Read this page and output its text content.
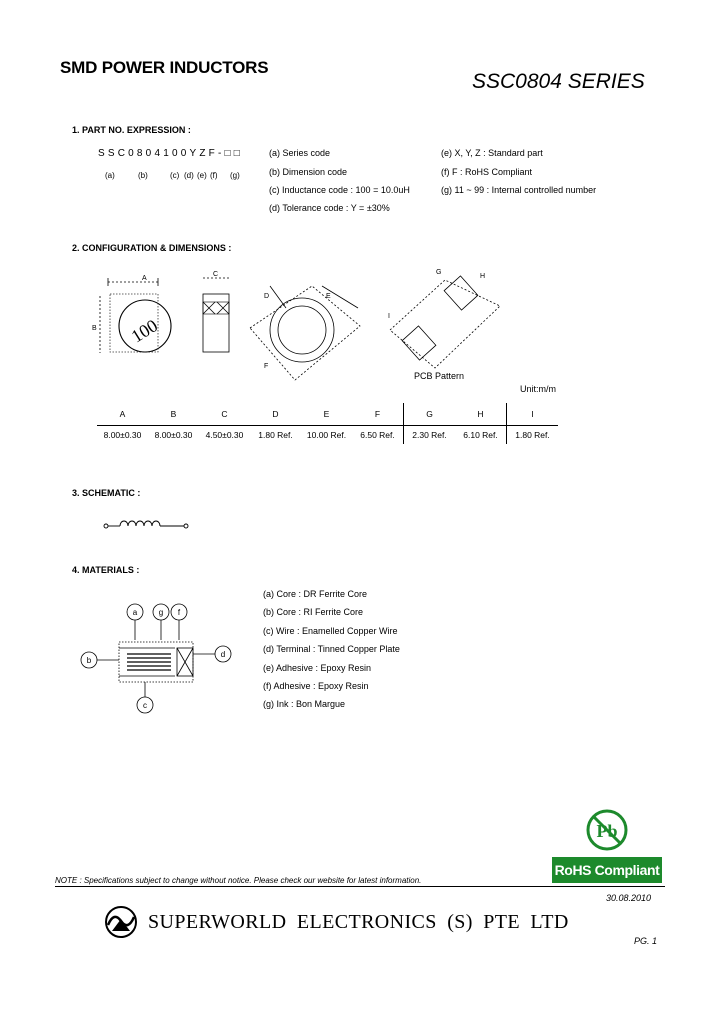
SMD POWER INDUCTORS
SSC0804 SERIES
1. PART NO. EXPRESSION :
SSC0804100YZF-□□
(a)	(b)	(c) (d) (e) (f) (g)
(a) Series code
(b) Dimension code
(c) Inductance code : 100 = 10.0uH
(d) Tolerance code : Y = ±30%
(e) X, Y, Z : Standard part
(f) F : RoHS Compliant
(g) 11 ~ 99 : Internal controlled number
2. CONFIGURATION & DIMENSIONS :
A
B
C
D	E
F
G
H
I
100
PCB Pattern
Unit:m/m
A	B	C	D	E	F	G	H	I
8.00±0.30	8.00±0.30	4.50±0.30	1.80 Ref.	10.00 Ref.	6.50 Ref.	2.30 Ref.	6.10 Ref.	1.80 Ref.
3. SCHEMATIC :
4. MATERIALS :
a	g f
b
d
c
(a) Core : DR Ferrite Core
(b) Core : RI Ferrite Core
(c) Wire : Enamelled Copper Wire
(d) Terminal : Tinned Copper Plate
(e) Adhesive : Epoxy Resin
(f) Adhesive : Epoxy Resin
(g) Ink : Bon Margue
Pb
RoHS Compliant
NOTE : Specifications subject to change without notice. Please check our website for latest information.
30.08.2010
SUPERWORLD ELECTRONICS (S) PTE LTD
PG. 1
